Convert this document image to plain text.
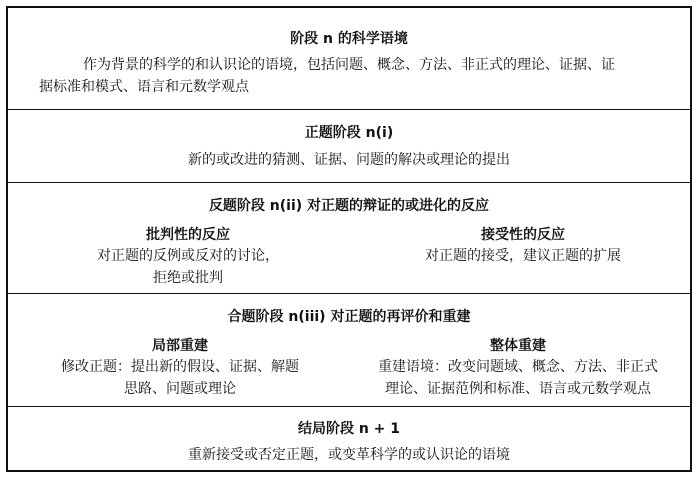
阶段 n 的科学语境
作为背景的科学的和认识论的语境，包括问题、概念、方法、非正式的理论、证据、证
据标准和模式、语言和元数学观点
正题阶段 n(i)
新的或改进的猜测、证据、问题的解决或理论的提出
反题阶段 n(ii) 对正题的辩证的或进化的反应
批判性的反应
对正题的反例或反对的讨论，
拒绝或批判
接受性的反应
对正题的接受，建议正题的扩展
合题阶段 n(iii) 对正题的再评价和重建
局部重建
修改正题：提出新的假设、证据、解题
思路、问题或理论
整体重建
重建语境：改变问题域、概念、方法、非正式
理论、证据范例和标准、语言或元数学观点
结局阶段 n + 1
重新接受或否定正题，或变革科学的或认识论的语境
